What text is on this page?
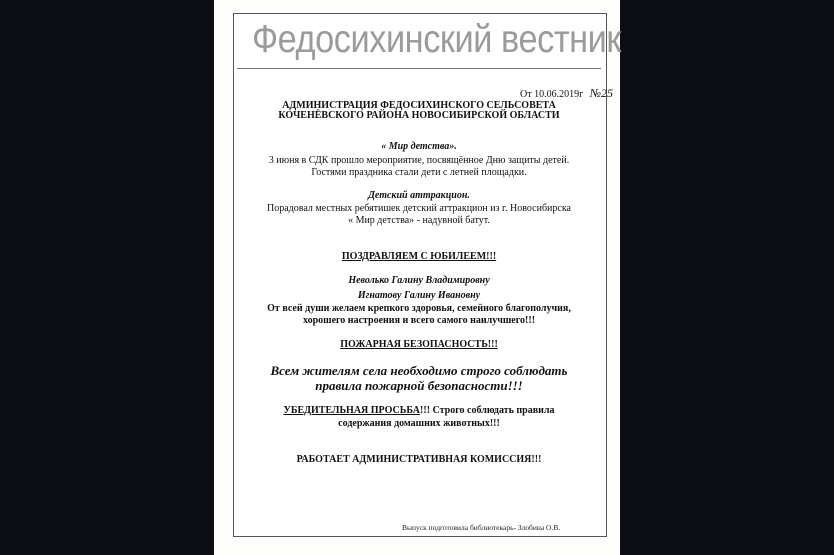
Федосихинский вестник
От 10.06.2019г №25
АДМИНИСТРАЦИЯ ФЕДОСИХИНСКОГО СЕЛЬСОВЕТА
КОЧЕНЁВСКОГО РАЙОНА НОВОСИБИРСКОЙ ОБЛАСТИ
« Мир детства».
3 июня в СДК прошло мероприятие, посвящённое Дню защиты детей.
Гостями праздника стали дети с летней площадки.
Детский аттракцион.
Порадовал местных ребятишек детский аттракцион из г. Новосибирска
« Мир детства» - надувной батут.
ПОЗДРАВЛЯЕМ С ЮБИЛЕЕМ!!!
Неволько Галину Владимировну
Игнатову Галину Ивановну
От всей души желаем крепкого здоровья, семейного благополучия,
хорошего настроения и всего самого наилучшего!!!
ПОЖАРНАЯ БЕЗОПАСНОСТЬ!!!
Всем жителям села необходимо строго соблюдать
правила пожарной безопасности!!!
УБЕДИТЕЛЬНАЯ ПРОСЬБА!!! Строго соблюдать правила
содержания домашних животных!!!
РАБОТАЕТ АДМИНИСТРАТИВНАЯ КОМИССИЯ!!!
Выпуск подготовила библиотекарь- Злобина О.В.
